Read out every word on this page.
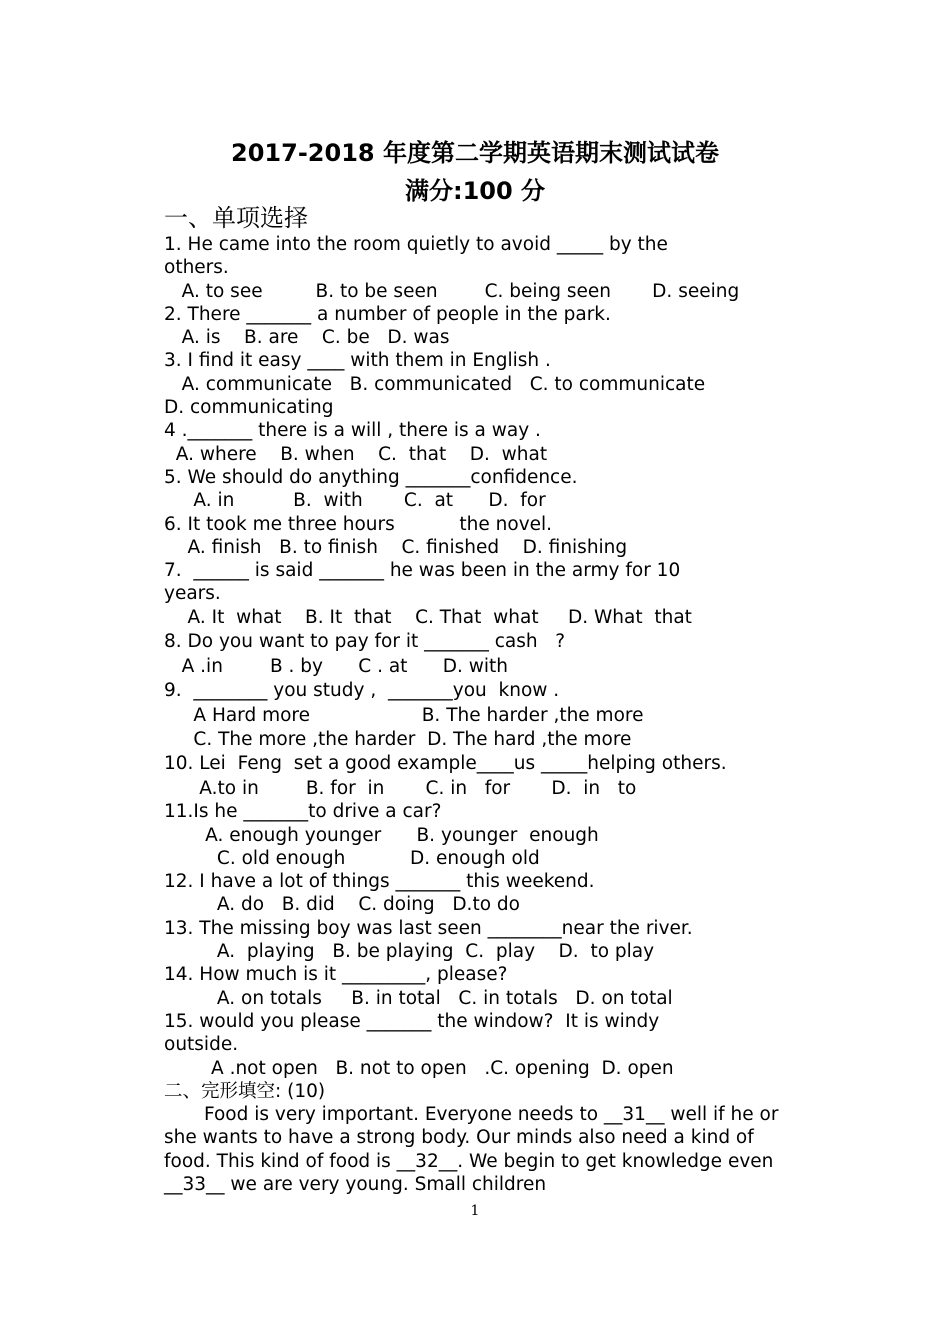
2017-2018 年度第二学期英语期末测试试卷
满分:100 分
一、单项选择
1. He came into the room quietly to avoid _____ by the
others.
A. to see         B. to be seen        C. being seen       D. seeing
2. There _______ a number of people in the park.
A. is    B. are    C. be   D. was
3. I find it easy ____ with them in English .
A. communicate   B. communicated   C. to communicate
D. communicating
4 ._______ there is a will , there is a way .
A. where    B. when    C.  that    D.  what
5. We should do anything _______confidence.
A. in          B.  with       C.  at      D.  for
6. It took me three hours           the novel.
A. finish   B. to finish    C. finished    D. finishing
7.  ______ is said _______ he was been in the army for 10
years.
A. It  what    B. It  that    C. That  what     D. What  that
8. Do you want to pay for it _______ cash   ?
A .in        B . by      C . at      D. with
9.  ________ you study ,  _______you  know .
A Hard more                   B. The harder ,the more
C. The more ,the harder  D. The hard ,the more
10. Lei  Feng  set a good example____us _____helping others.
A.to in        B. for  in       C. in   for       D.  in   to
11.Is he _______to drive a car?
A. enough younger      B. younger  enough
C. old enough           D. enough old
12. I have a lot of things _______ this weekend.
A. do   B. did    C. doing   D.to do
13. The missing boy was last seen ________near the river.
A.  playing   B. be playing  C.  play    D.  to play
14. How much is it _________, please?
A. on totals     B. in total   C. in totals   D. on total
15. would you please _______ the window?  It is windy
outside.
A .not open   B. not to open   .C. opening  D. open
二、完形填空: (10)
Food is very important. Everyone needs to __31__ well if he or she wants to have a strong body. Our minds also need a kind of food. This kind of food is __32__. We begin to get knowledge even __33__ we are very young. Small children
1
